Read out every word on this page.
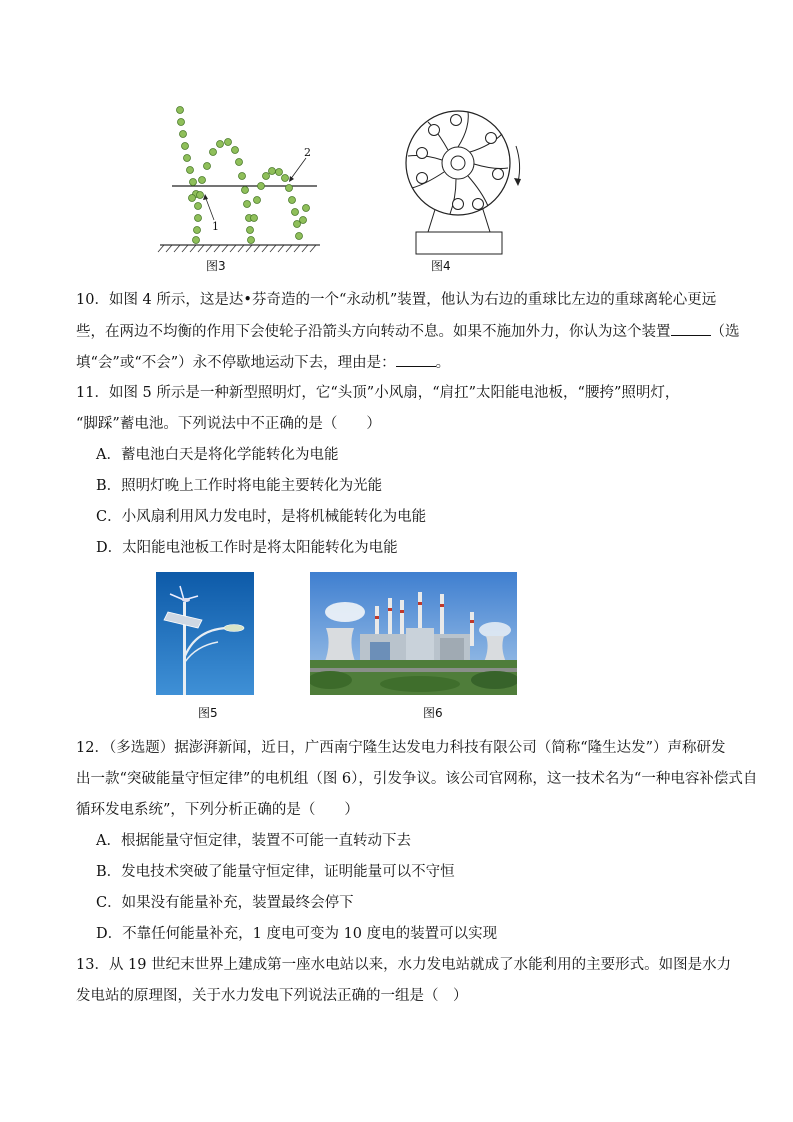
1
2
图3	图4
10．如图 4 所示，这是达•芬奇造的一个“永动机”装置，他认为右边的重球比左边的重球离轮心更远
些，在两边不均衡的作用下会使轮子沿箭头方向转动不息。如果不施加外力，你认为这个装置	（选
填“会”或“不会”）永不停歇地运动下去，理由是：	。
11．如图 5 所示是一种新型照明灯，它“头顶”小风扇，“肩扛”太阳能电池板，“腰挎”照明灯，
“脚踩”蓄电池。下列说法中不正确的是（　　）
A．蓄电池白天是将化学能转化为电能
B．照明灯晚上工作时将电能主要转化为光能
C．小风扇利用风力发电时，是将机械能转化为电能
D．太阳能电池板工作时是将太阳能转化为电能
图5	图6
12．（多选题）据澎湃新闻，近日，广西南宁隆生达发电力科技有限公司（简称“隆生达发”）声称研发
出一款“突破能量守恒定律”的电机组（图 6），引发争议。该公司官网称，这一技术名为“一种电容补偿式自
循环发电系统”，下列分析正确的是（　　）
A．根据能量守恒定律，装置不可能一直转动下去
B．发电技术突破了能量守恒定律，证明能量可以不守恒
C．如果没有能量补充，装置最终会停下
D．不靠任何能量补充，1 度电可变为 10 度电的装置可以实现
13．从 19 世纪末世界上建成第一座水电站以来，水力发电站就成了水能利用的主要形式。如图是水力
发电站的原理图，关于水力发电下列说法正确的一组是（　）
